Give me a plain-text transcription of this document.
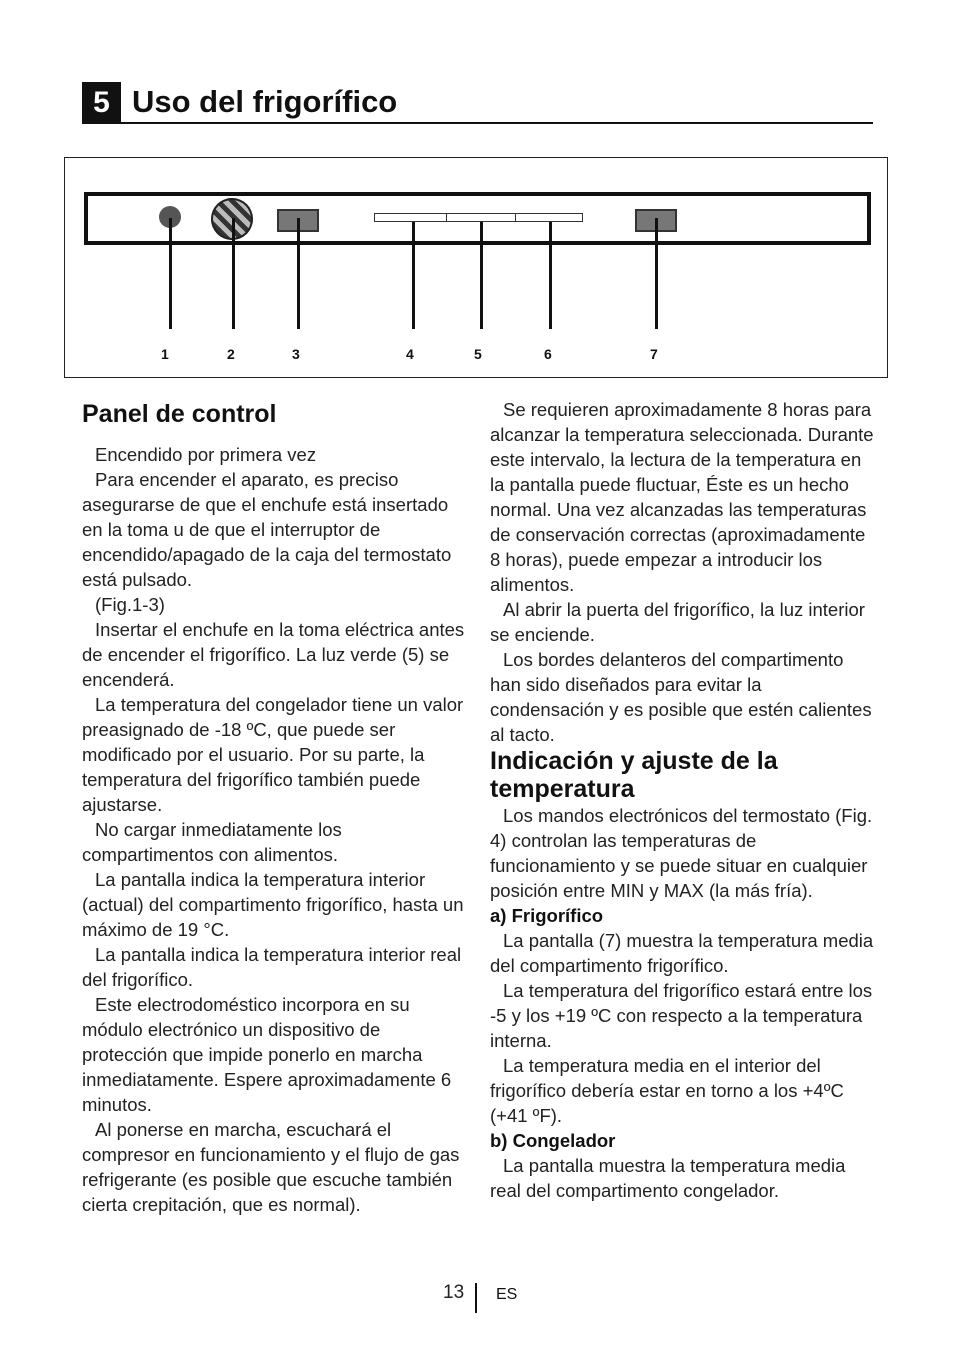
5 Uso del frigorífico
1	2	3	4	5	6	7

Panel de control

Encendido por primera vez

Para encender el aparato, es preciso asegurarse de que el enchufe está insertado en la toma u de que el interruptor de encendido/apagado de la caja del termostato está pulsado.

(Fig.1-3)

Insertar el enchufe en la toma eléctrica antes de encender el frigorífico. La luz verde (5) se encenderá.

La temperatura del congelador tiene un valor preasignado de -18 ºC, que puede ser modificado por el usuario. Por su parte, la temperatura del frigorífico también puede ajustarse.

No cargar inmediatamente los compartimentos con alimentos.

La pantalla indica la temperatura interior (actual) del compartimento frigorífico, hasta un máximo de 19 °C.

La pantalla indica la temperatura interior real del frigorífico.

Este electrodoméstico incorpora en su módulo electrónico un dispositivo de protección que impide ponerlo en marcha inmediatamente. Espere aproximadamente 6 minutos.

Al ponerse en marcha, escuchará el compresor en funcionamiento y el flujo de gas refrigerante (es posible que escuche también cierta crepitación, que es normal).

Se requieren aproximadamente 8 horas para alcanzar la temperatura seleccionada. Durante este intervalo, la lectura de la temperatura en la pantalla puede fluctuar, Éste es un hecho normal. Una vez alcanzadas las temperaturas de conservación correctas (aproximadamente 8 horas), puede empezar a introducir los alimentos.

Al abrir la puerta del frigorífico, la luz interior se enciende.

Los bordes delanteros del compartimento han sido diseñados para evitar la condensación y es posible que estén calientes al tacto.

Indicación y ajuste de la temperatura

Los mandos electrónicos del termostato (Fig. 4) controlan las temperaturas de funcionamiento y se puede situar en cualquier posición entre MIN y MAX (la más fría).

a) Frigorífico

La pantalla (7) muestra la temperatura media del compartimento frigorífico.

La temperatura del frigorífico estará entre los -5 y los +19 ºC con respecto a la temperatura interna.

La temperatura media en el interior del frigorífico debería estar en torno a los +4ºC (+41 ºF).

b) Congelador

La pantalla muestra la temperatura media real del compartimento congelador.

13 ES
